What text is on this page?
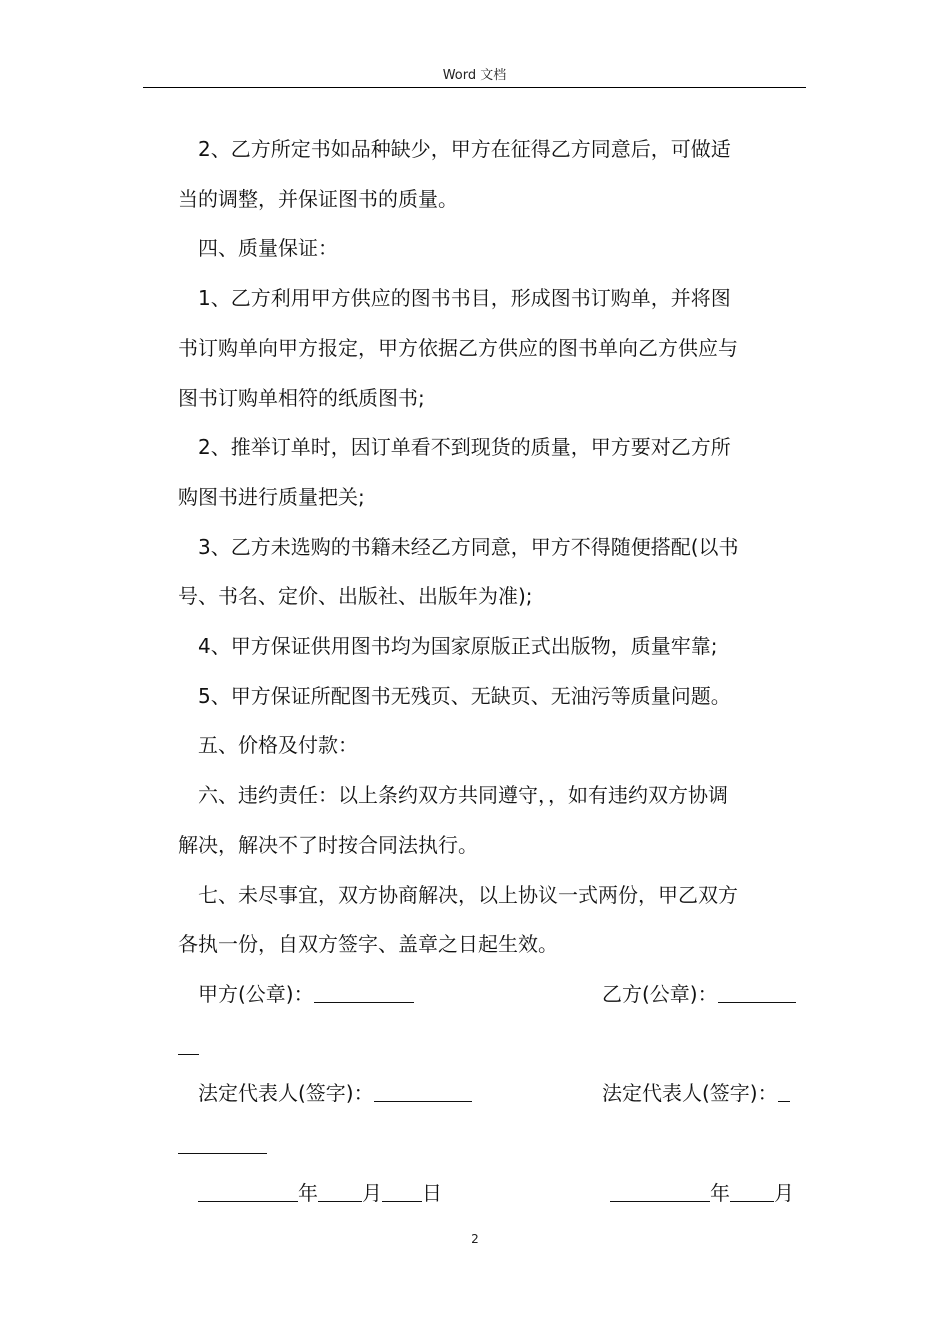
Word 文档

2、乙方所定书如品种缺少，甲方在征得乙方同意后，可做适

当的调整，并保证图书的质量。

四、质量保证：

1、乙方利用甲方供应的图书书目，形成图书订购单，并将图

书订购单向甲方报定，甲方依据乙方供应的图书单向乙方供应与

图书订购单相符的纸质图书;

2、推举订单时，因订单看不到现货的质量，甲方要对乙方所

购图书进行质量把关;

3、乙方未选购的书籍未经乙方同意，甲方不得随便搭配(以书

号、书名、定价、出版社、出版年为准);

4、甲方保证供用图书均为国家原版正式出版物，质量牢靠;

5、甲方保证所配图书无残页、无缺页、无油污等质量问题。

五、价格及付款：

六、违约责任：以上条约双方共同遵守，，如有违约双方协调

解决，解决不了时按合同法执行。

七、未尽事宜，双方协商解决，以上协议一式两份，甲乙双方

各执一份，自双方签字、盖章之日起生效。

甲方(公章)：	乙方(公章)：
法定代表人(签字)：	法定代表人(签字)：
年 月 日	年 月
2
